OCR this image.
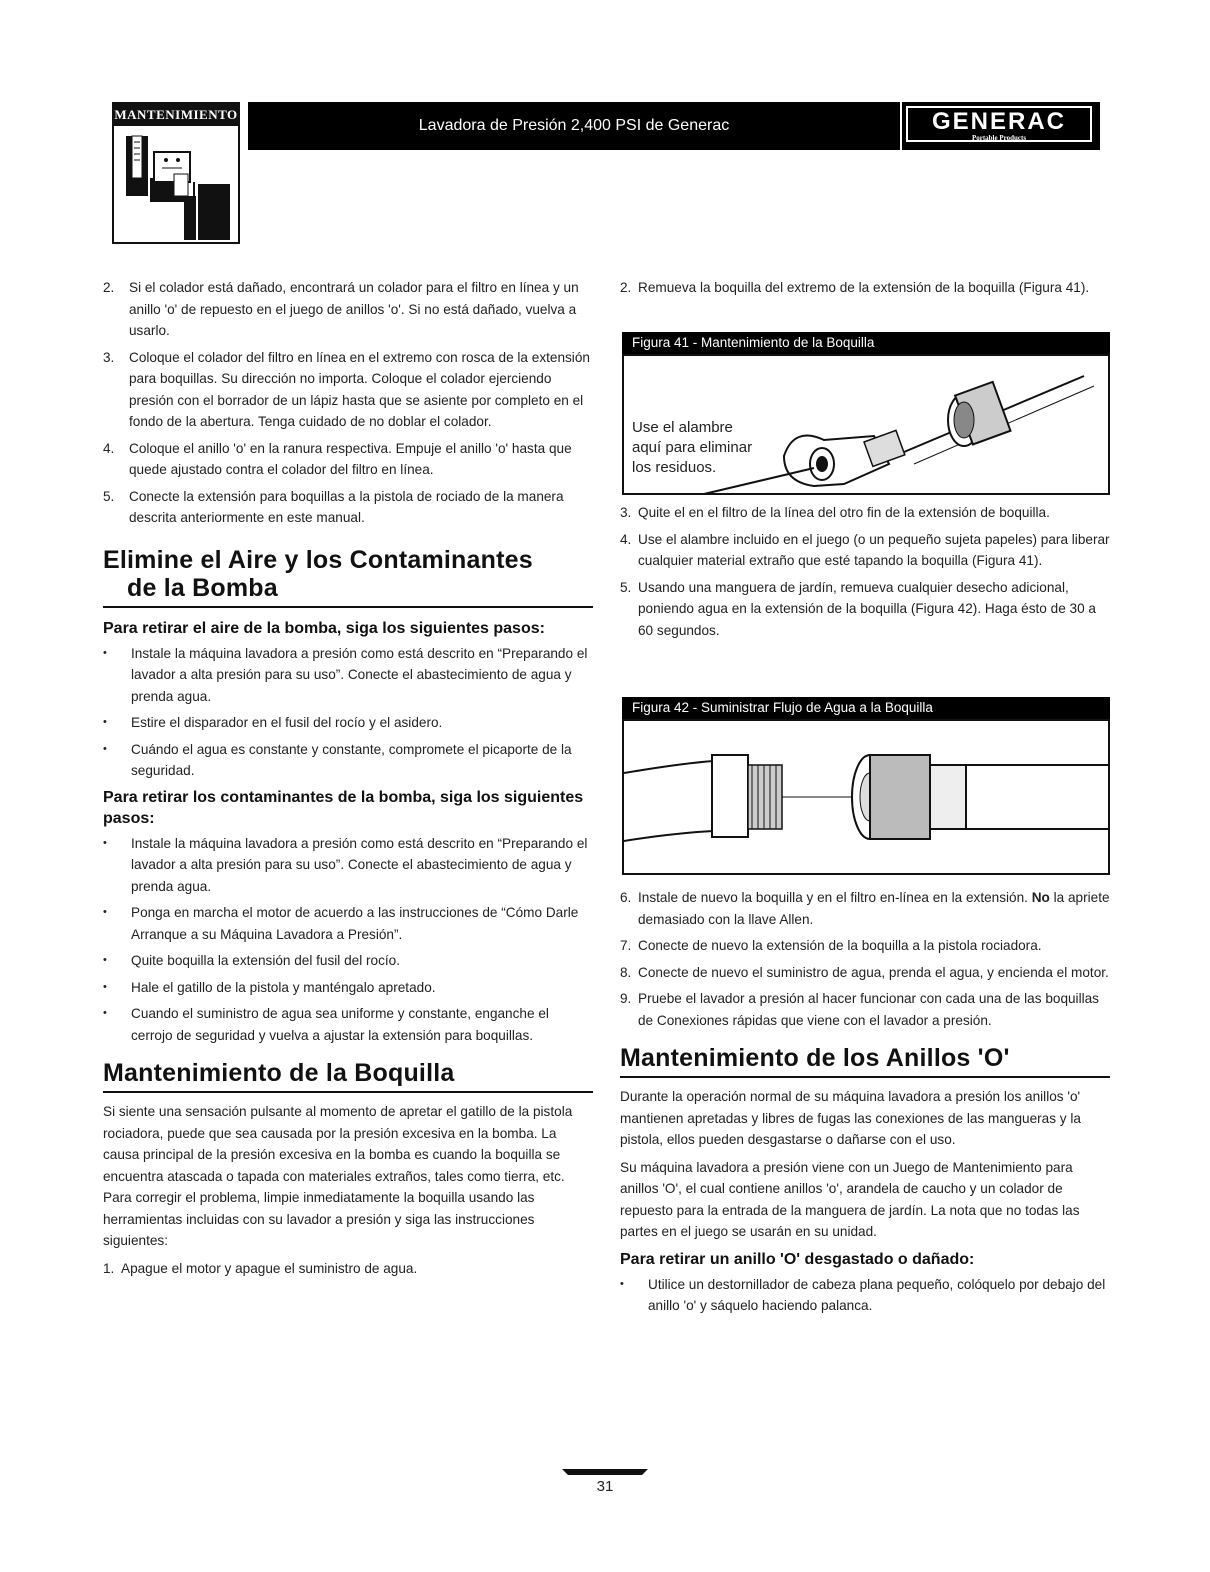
MANTENIMIENTO
Lavadora de Presión 2,400 PSI de Generac	GENERAC
Portable Products
2. Si el colador está dañado, encontrará un colador para el filtro en línea y un anillo 'o' de repuesto en el juego de anillos 'o'. Si no está dañado, vuelva a usarlo.
3. Coloque el colador del filtro en línea en el extremo con rosca de la extensión para boquillas. Su dirección no importa. Coloque el colador ejerciendo presión con el borrador de un lápiz hasta que se asiente por completo en el fondo de la abertura. Tenga cuidado de no doblar el colador.
4. Coloque el anillo 'o' en la ranura respectiva. Empuje el anillo 'o' hasta que quede ajustado contra el colador del filtro en línea.
5. Conecte la extensión para boquillas a la pistola de rociado de la manera descrita anteriormente en este manual.
Elimine el Aire y los Contaminantes
de la Bomba
Para retirar el aire de la bomba, siga los siguientes pasos:
• Instale la máquina lavadora a presión como está descrito en “Preparando el lavador a alta presión para su uso”. Conecte el abastecimiento de agua y prenda agua.
• Estire el disparador en el fusil del rocío y el asidero.
• Cuándo el agua es constante y constante, compromete el picaporte de la seguridad.
Para retirar los contaminantes de la bomba, siga los siguientes pasos:
• Instale la máquina lavadora a presión como está descrito en “Preparando el lavador a alta presión para su uso”. Conecte el abastecimiento de agua y prenda agua.
• Ponga en marcha el motor de acuerdo a las instrucciones de “Cómo Darle Arranque a su Máquina Lavadora a Presión”.
• Quite boquilla la extensión del fusil del rocío.
• Hale el gatillo de la pistola y manténgalo apretado.
• Cuando el suministro de agua sea uniforme y constante, enganche el cerrojo de seguridad y vuelva a ajustar la extensión para boquillas.
Mantenimiento de la Boquilla

Si siente una sensación pulsante al momento de apretar el gatillo de la pistola rociadora, puede que sea causada por la presión excesiva en la bomba. La causa principal de la presión excesiva en la bomba es cuando la boquilla se encuentra atascada o tapada con materiales extraños, tales como tierra, etc. Para corregir el problema, limpie inmediatamente la boquilla usando las herramientas incluidas con su lavador a presión y siga las instrucciones siguientes:

1. Apague el motor y apague el suministro de agua.
2. Remueva la boquilla del extremo de la extensión de la boquilla (Figura 41).
Figura 41 - Mantenimiento de la Boquilla
Use el alambre
aquí para eliminar
los residuos.
3. Quite el en el filtro de la línea del otro fin de la extensión de boquilla.
4. Use el alambre incluido en el juego (o un pequeño sujeta papeles) para liberar cualquier material extraño que esté tapando la boquilla (Figura 41).
5. Usando una manguera de jardín, remueva cualquier desecho adicional, poniendo agua en la extensión de la boquilla (Figura 42). Haga ésto de 30 a 60 segundos.
Figura 42 - Suministrar Flujo de Agua a la Boquilla
6. Instale de nuevo la boquilla y en el filtro en-línea en la extensión. No la apriete demasiado con la llave Allen.
7. Conecte de nuevo la extensión de la boquilla a la pistola rociadora.
8. Conecte de nuevo el suministro de agua, prenda el agua, y encienda el motor.
9. Pruebe el lavador a presión al hacer funcionar con cada una de las boquillas de Conexiones rápidas que viene con el lavador a presión.
Mantenimiento de los Anillos 'O'

Durante la operación normal de su máquina lavadora a presión los anillos 'o' mantienen apretadas y libres de fugas las conexiones de las mangueras y la pistola, ellos pueden desgastarse o dañarse con el uso.

Su máquina lavadora a presión viene con un Juego de Mantenimiento para anillos 'O', el cual contiene anillos 'o', arandela de caucho y un colador de repuesto para la entrada de la manguera de jardín. La nota que no todas las partes en el juego se usarán en su unidad.

Para retirar un anillo 'O' desgastado o dañado:
• Utilice un destornillador de cabeza plana pequeño, colóquelo por debajo del anillo 'o' y sáquelo haciendo palanca.
31
